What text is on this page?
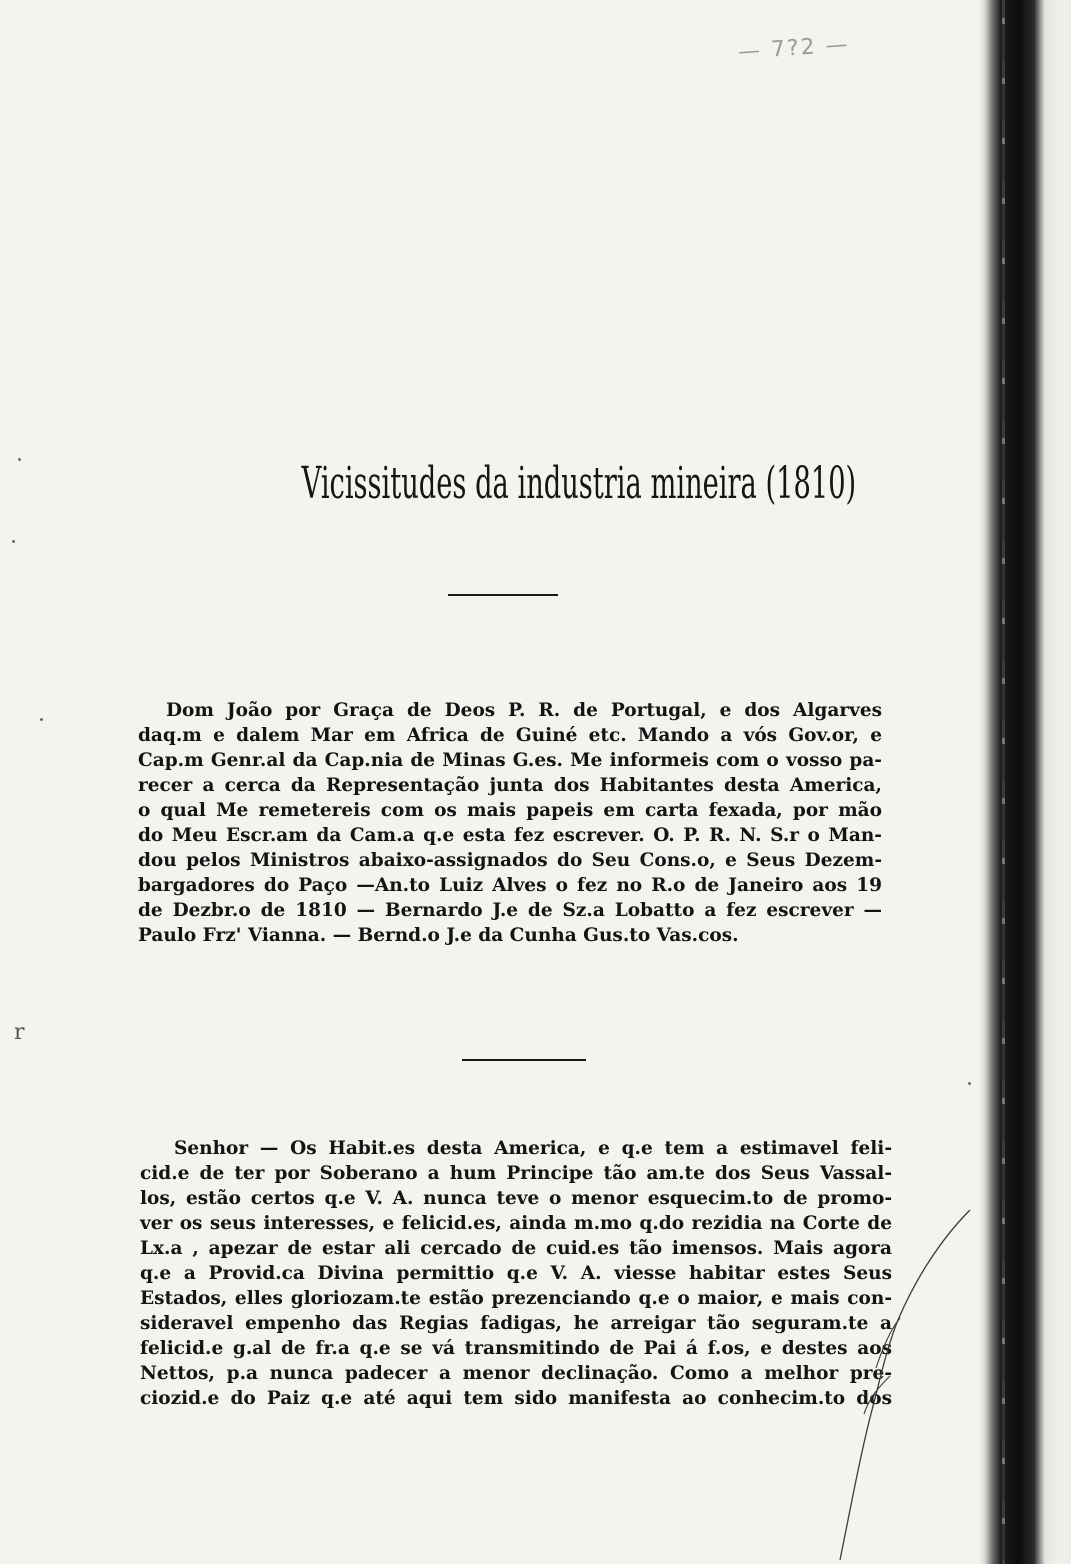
— 7?2 —
r
Vicissitudes da industria mineira (1810)
Dom João por Graça de Deos P. R. de Portugal, e dos Algarves
daq.m e dalem Mar em Africa de Guiné etc. Mando a vós Gov.or, e
Cap.m Genr.al da Cap.nia de Minas G.es. Me informeis com o vosso pa-
recer a cerca da Representação junta dos Habitantes desta America,
o qual Me remetereis com os mais papeis em carta fexada, por mão
do Meu Escr.am da Cam.a q.e esta fez escrever. O. P. R. N. S.r o Man-
dou pelos Ministros abaixo-assignados do Seu Cons.o, e Seus Dezem-
bargadores do Paço —An.to Luiz Alves o fez no R.o de Janeiro aos 19
de Dezbr.o de 1810 — Bernardo J.e de Sz.a Lobatto a fez escrever —
Paulo Frz' Vianna. — Bernd.o J.e da Cunha Gus.to Vas.cos.
Senhor — Os Habit.es desta America, e q.e tem a estimavel feli-
cid.e de ter por Soberano a hum Principe tão am.te dos Seus Vassal-
los, estão certos q.e V. A. nunca teve o menor esquecim.to de promo-
ver os seus interesses, e felicid.es, ainda m.mo q.do rezidia na Corte de
Lx.a , apezar de estar ali cercado de cuid.es tão imensos. Mais agora
q.e a Provid.ca Divina permittio q.e V. A. viesse habitar estes Seus
Estados, elles gloriozam.te estão prezenciando q.e o maior, e mais con-
sideravel empenho das Regias fadigas, he arreigar tão seguram.te a
felicid.e g.al de fr.a q.e se vá transmitindo de Pai á f.os, e destes aos
Nettos, p.a nunca padecer a menor declinação. Como a melhor pre-
ciozid.e do Paiz q.e até aqui tem sido manifesta ao conhecim.to dos
